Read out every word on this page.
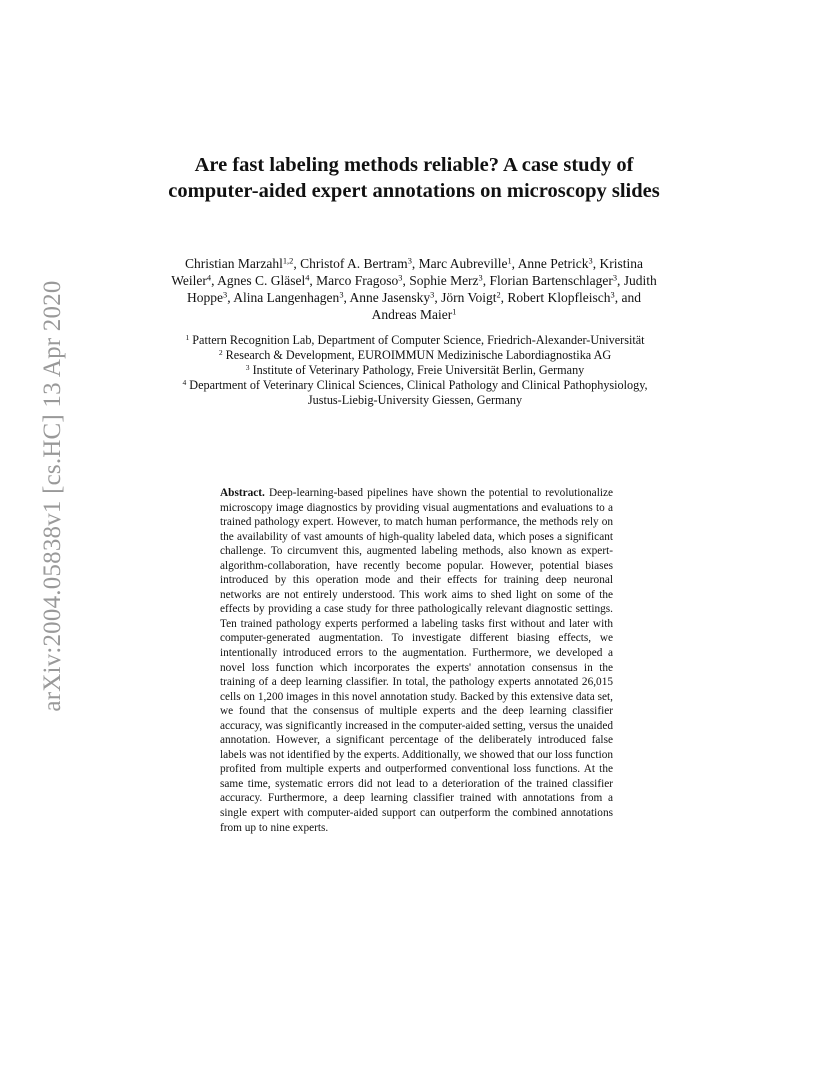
arXiv:2004.05838v1 [cs.HC] 13 Apr 2020
Are fast labeling methods reliable? A case study of computer-aided expert annotations on microscopy slides
Christian Marzahl$^{1,2}$, Christof A. Bertram$^3$, Marc Aubreville$^1$, Anne Petrick$^3$, Kristina Weiler$^4$, Agnes C. Gläsel$^4$, Marco Fragoso$^3$, Sophie Merz$^3$, Florian Bartenschlager$^3$, Judith Hoppe$^3$, Alina Langenhagen$^3$, Anne Jasensky$^3$, Jörn Voigt$^2$, Robert Klopfleisch$^3$, and Andreas Maier$^1$
$^1$ Pattern Recognition Lab, Department of Computer Science, Friedrich-Alexander-Universität
$^2$ Research & Development, EUROIMMUN Medizinische Labordiagnostika AG
$^3$ Institute of Veterinary Pathology, Freie Universität Berlin, Germany
$^4$ Department of Veterinary Clinical Sciences, Clinical Pathology and Clinical Pathophysiology, Justus-Liebig-University Giessen, Germany
Abstract. Deep-learning-based pipelines have shown the potential to revolutionalize microscopy image diagnostics by providing visual augmentations and evaluations to a trained pathology expert. However, to match human performance, the methods rely on the availability of vast amounts of high-quality labeled data, which poses a significant challenge. To circumvent this, augmented labeling methods, also known as expert-algorithm-collaboration, have recently become popular. However, potential biases introduced by this operation mode and their effects for training deep neuronal networks are not entirely understood. This work aims to shed light on some of the effects by providing a case study for three pathologically relevant diagnostic settings. Ten trained pathology experts performed a labeling tasks first without and later with computer-generated augmentation. To investigate different biasing effects, we intentionally introduced errors to the augmentation. Furthermore, we developed a novel loss function which incorporates the experts' annotation consensus in the training of a deep learning classifier. In total, the pathology experts annotated 26,015 cells on 1,200 images in this novel annotation study. Backed by this extensive data set, we found that the consensus of multiple experts and the deep learning classifier accuracy, was significantly increased in the computer-aided setting, versus the unaided annotation. However, a significant percentage of the deliberately introduced false labels was not identified by the experts. Additionally, we showed that our loss function profited from multiple experts and outperformed conventional loss functions. At the same time, systematic errors did not lead to a deterioration of the trained classifier accuracy. Furthermore, a deep learning classifier trained with annotations from a single expert with computer-aided support can outperform the combined annotations from up to nine experts.
